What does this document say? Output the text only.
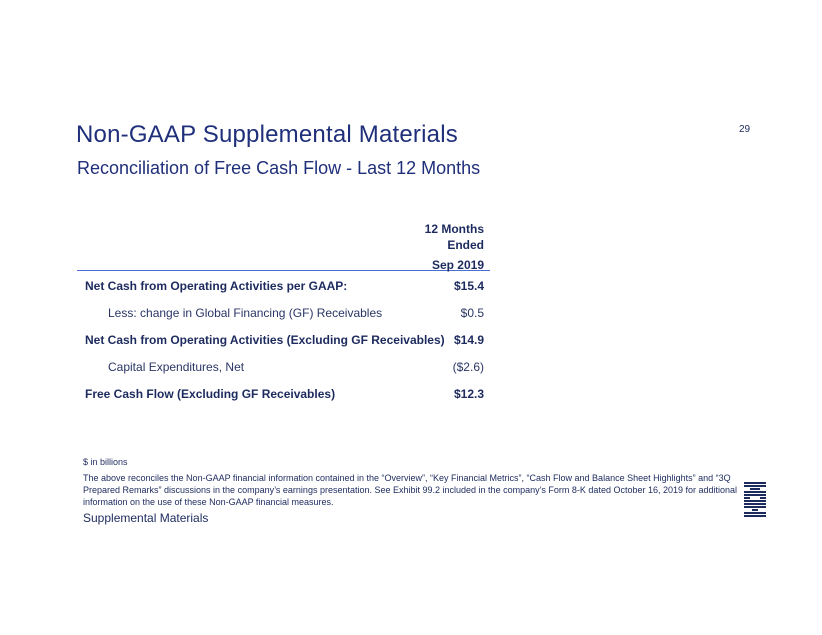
29
Non-GAAP Supplemental Materials
Reconciliation of Free Cash Flow - Last 12 Months
12 Months
Ended
Sep 2019
Net Cash from Operating Activities per GAAP:	$15.4
Less: change in Global Financing (GF) Receivables	$0.5
Net Cash from Operating Activities (Excluding GF Receivables) $14.9
Capital Expenditures, Net	($2.6)
Free Cash Flow (Excluding GF Receivables)	$12.3
$ in billions
The above reconciles the Non-GAAP financial information contained in the “Overview”, “Key Financial Metrics”, “Cash Flow and Balance Sheet Highlights” and “3Q Prepared Remarks” discussions in the company’s earnings presentation. See Exhibit 99.2 included in the company’s Form 8-K dated October 16, 2019 for additional information on the use of these Non-GAAP financial measures.
Supplemental Materials
